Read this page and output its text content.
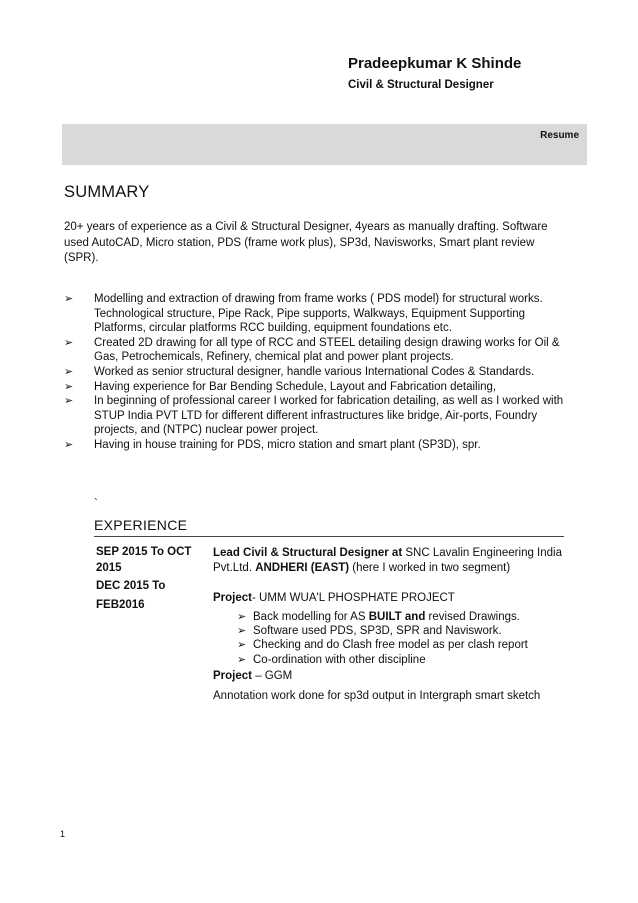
Pradeepkumar K Shinde
Civil & Structural Designer
Resume
SUMMARY
20+ years of experience as a Civil & Structural Designer, 4years as manually drafting. Software used AutoCAD, Micro station, PDS (frame work plus), SP3d, Navisworks, Smart plant review (SPR).
➢ Modelling and extraction of drawing from frame works ( PDS model) for structural works. Technological structure, Pipe Rack, Pipe supports, Walkways, Equipment Supporting Platforms, circular platforms RCC building, equipment foundations etc.
➢ Created 2D drawing for all type of RCC and STEEL detailing design drawing works for Oil & Gas, Petrochemicals, Refinery, chemical plat and power plant projects.
➢ Worked as senior structural designer, handle various International Codes & Standards.
➢ Having experience for Bar Bending Schedule, Layout and Fabrication detailing,
➢ In beginning of professional career I worked for fabrication detailing, as well as I worked with STUP India PVT LTD for different different infrastructures like bridge, Air-ports, Foundry projects, and (NTPC) nuclear power project.
➢ Having in house training for PDS, micro station and smart plant (SP3D), spr.
`
EXPERIENCE
SEP 2015 To OCT 2015
DEC 2015 To
FEB2016

Lead Civil & Structural Designer at SNC Lavalin Engineering India Pvt.Ltd. ANDHERI (EAST) (here I worked in two segment)

Project- UMM WUA'L PHOSPHATE PROJECT

➢ Back modelling for AS BUILT and revised Drawings.
➢ Software used PDS, SP3D, SPR and Naviswork.
➢ Checking and do Clash free model as per clash report
➢ Co-ordination with other discipline

Project – GGM

Annotation work done for sp3d output in Intergraph smart sketch

1
